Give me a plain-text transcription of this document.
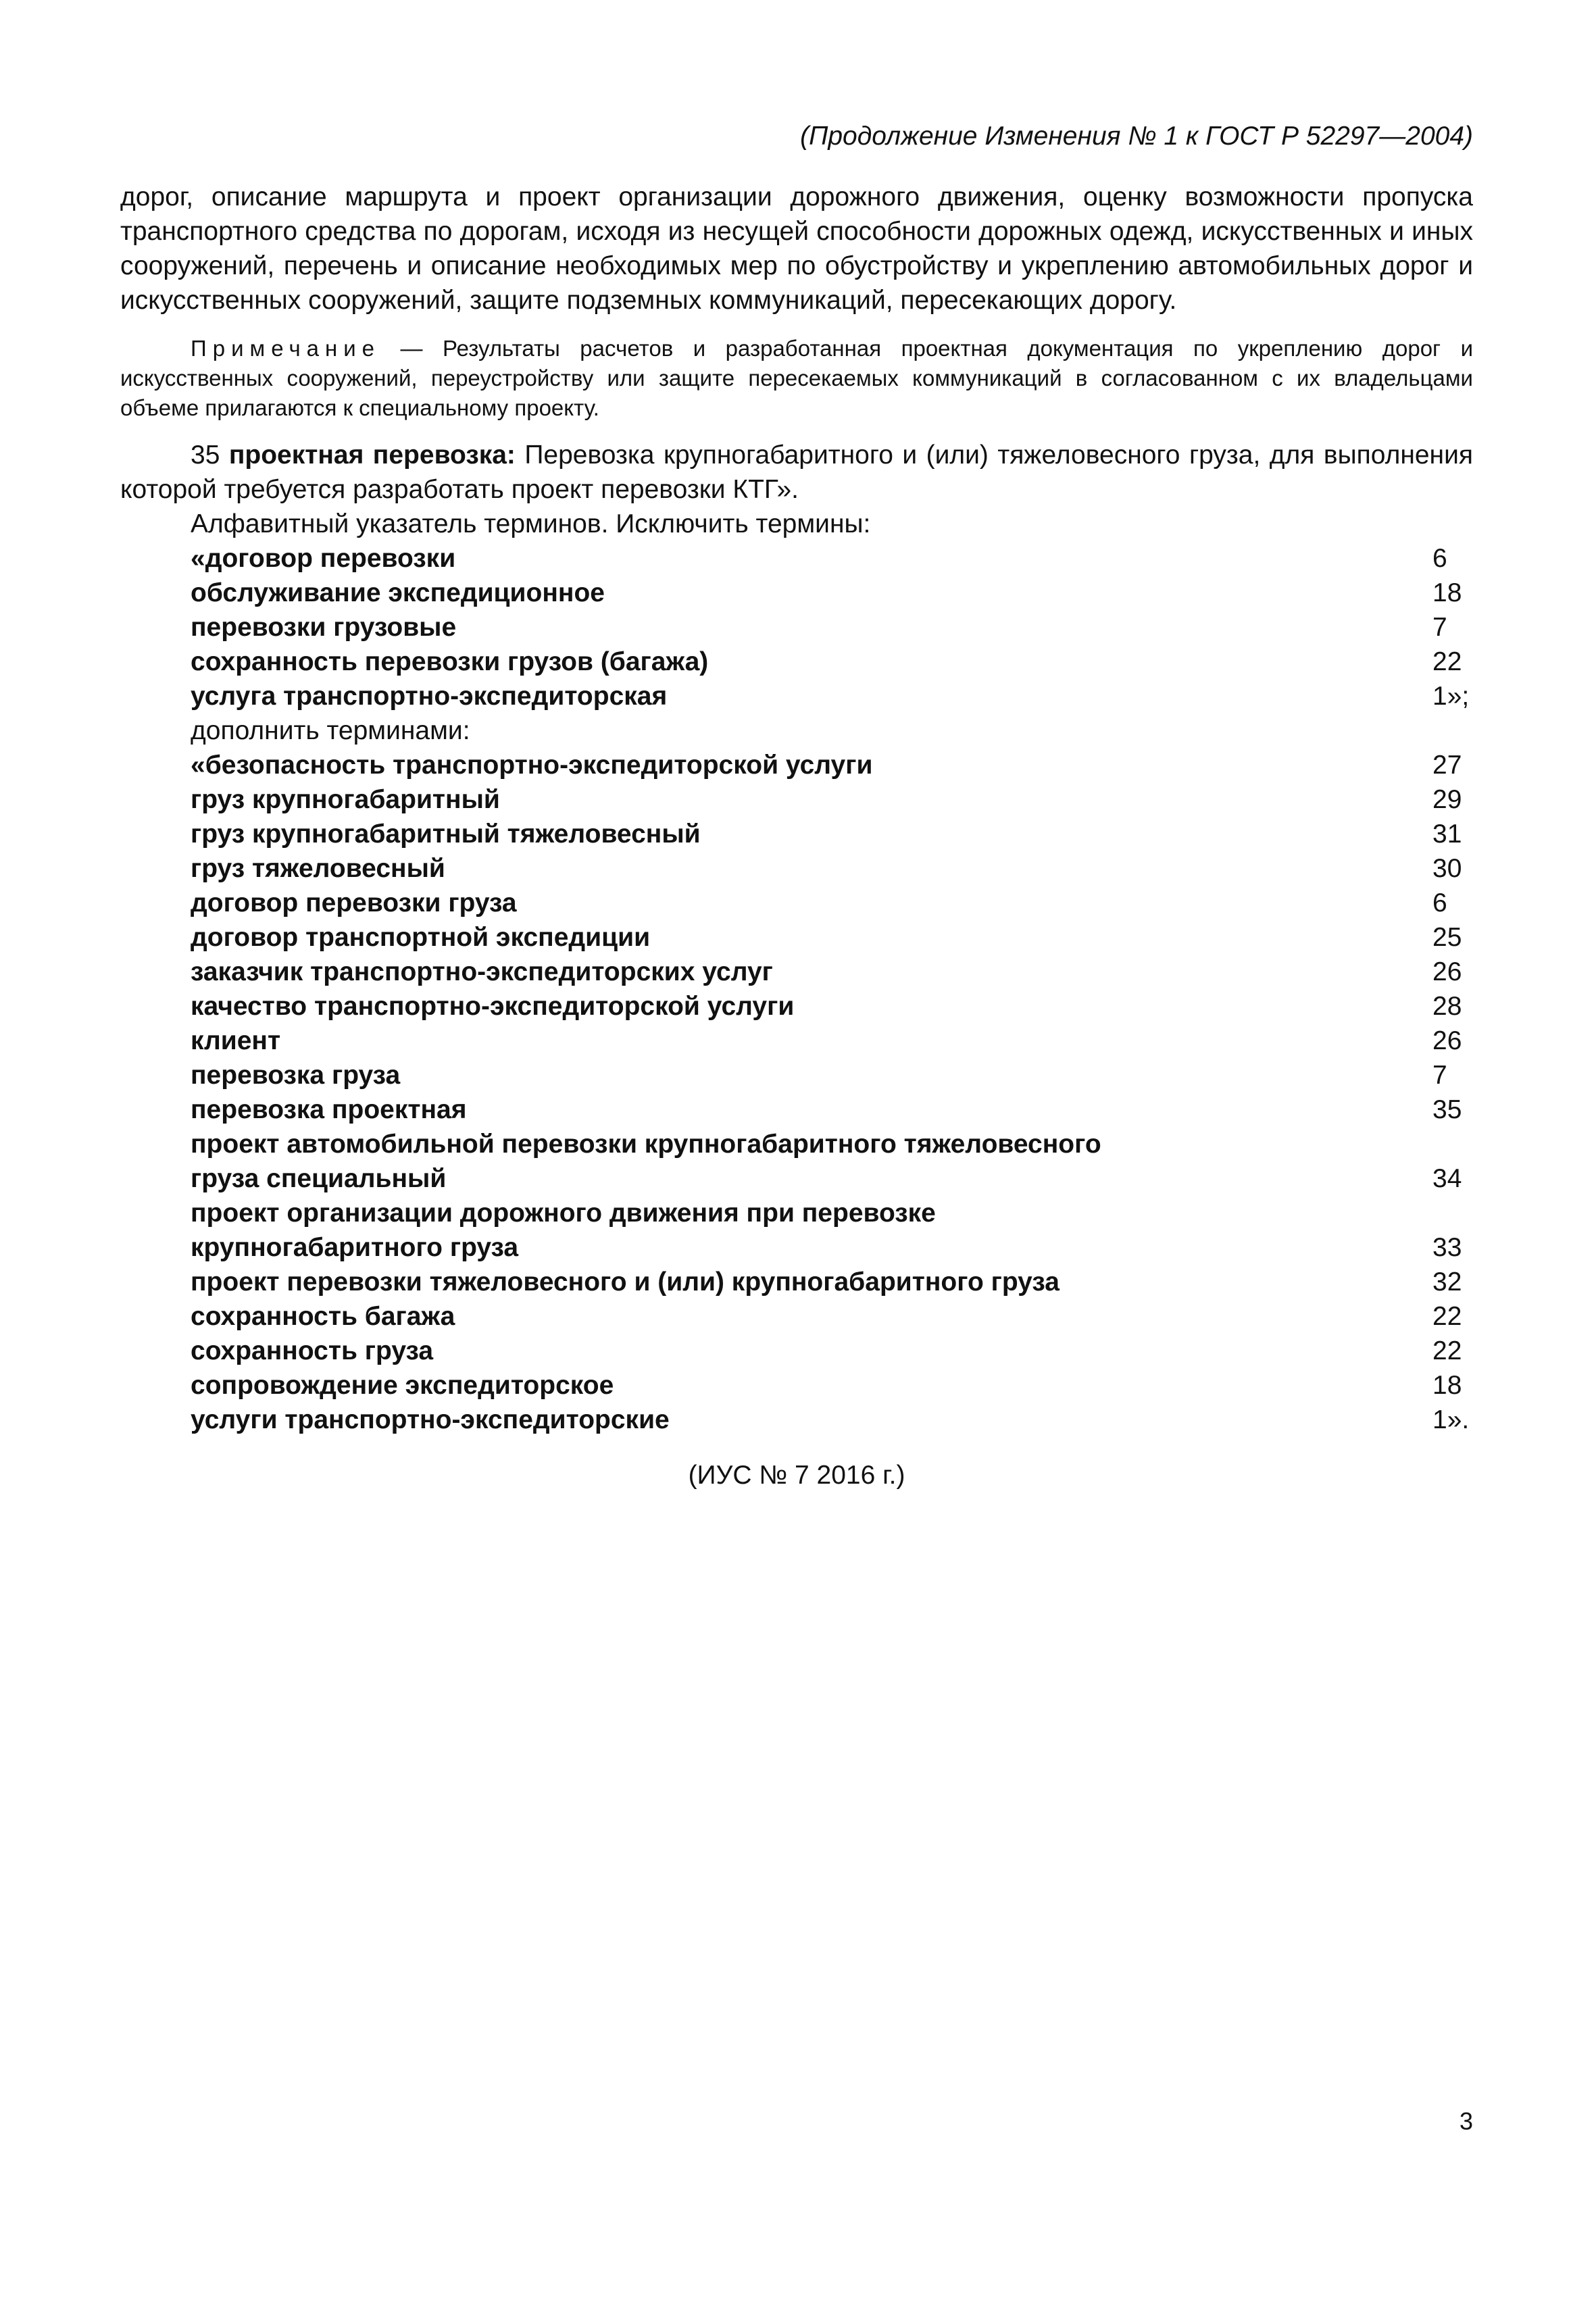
(Продолжение Изменения № 1 к ГОСТ Р 52297—2004)

дорог, описание маршрута и проект организации дорожного движения, оценку возможности пропуска транспортного средства по дорогам, исходя из несущей способности дорожных одежд, искусственных и иных сооружений, перечень и описание необходимых мер по обустройству и укреплению автомобильных дорог и искусственных сооружений, защите подземных коммуникаций, пересекающих дорогу.

Примечание — Результаты расчетов и разработанная проектная документация по укреплению дорог и искусственных сооружений, переустройству или защите пересекаемых коммуникаций в согласованном с их владельцами объеме прилагаются к специальному проекту.

35 проектная перевозка: Перевозка крупногабаритного и (или) тяжеловесного груза, для выполнения которой требуется разработать проект перевозки КТГ».

Алфавитный указатель терминов. Исключить термины:

«договор перевозки	6
обслуживание экспедиционное	18
перевозки грузовые	7
сохранность перевозки грузов (багажа)	22
услуга транспортно-экспедиторская	1»;

дополнить терминами:

«безопасность транспортно-экспедиторской услуги	27
груз крупногабаритный	29
груз крупногабаритный тяжеловесный	31
груз тяжеловесный	30
договор перевозки груза	6
договор транспортной экспедиции	25
заказчик транспортно-экспедиторских услуг	26
качество транспортно-экспедиторской услуги	28
клиент	26
перевозка груза	7
перевозка проектная	35
проект автомобильной перевозки крупногабаритного тяжеловесного
груза специальный	34
проект организации дорожного движения при перевозке
крупногабаритного груза	33
проект перевозки тяжеловесного и (или) крупногабаритного груза	32
сохранность багажа	22
сохранность груза	22
сопровождение экспедиторское	18
услуги транспортно-экспедиторские	1».
(ИУС № 7 2016 г.)
3
